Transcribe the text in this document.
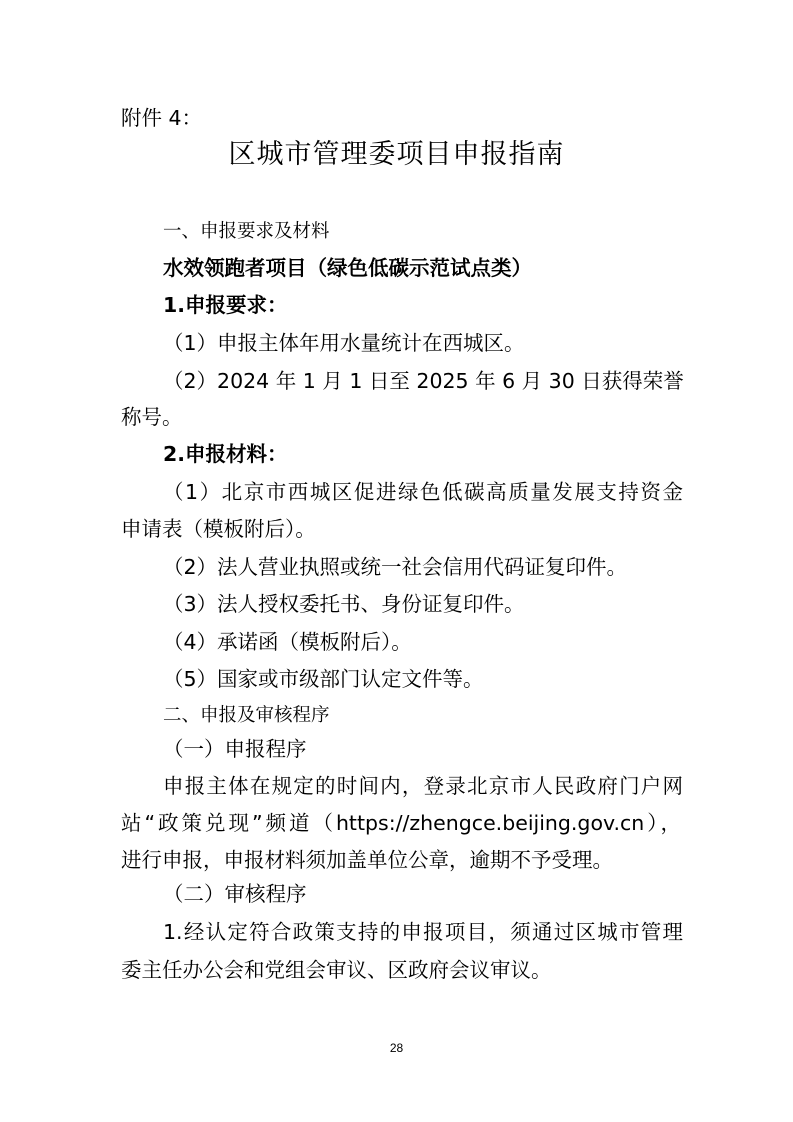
附件 4：
区城市管理委项目申报指南
一、申报要求及材料
水效领跑者项目（绿色低碳示范试点类）
1.申报要求：
（1）申报主体年用水量统计在西城区。
（2）2024 年 1 月 1 日至 2025 年 6 月 30 日获得荣誉
称号。
2.申报材料：
（1）北京市西城区促进绿色低碳高质量发展支持资金
申请表（模板附后）。
（2）法人营业执照或统一社会信用代码证复印件。
（3）法人授权委托书、身份证复印件。
（4）承诺函（模板附后）。
（5）国家或市级部门认定文件等。
二、申报及审核程序
（一）申报程序
申报主体在规定的时间内，登录北京市人民政府门户网
站“政策兑现”频道（https://zhengce.beijing.gov.cn），
进行申报，申报材料须加盖单位公章，逾期不予受理。
（二）审核程序
1.经认定符合政策支持的申报项目，须通过区城市管理
委主任办公会和党组会审议、区政府会议审议。
28
